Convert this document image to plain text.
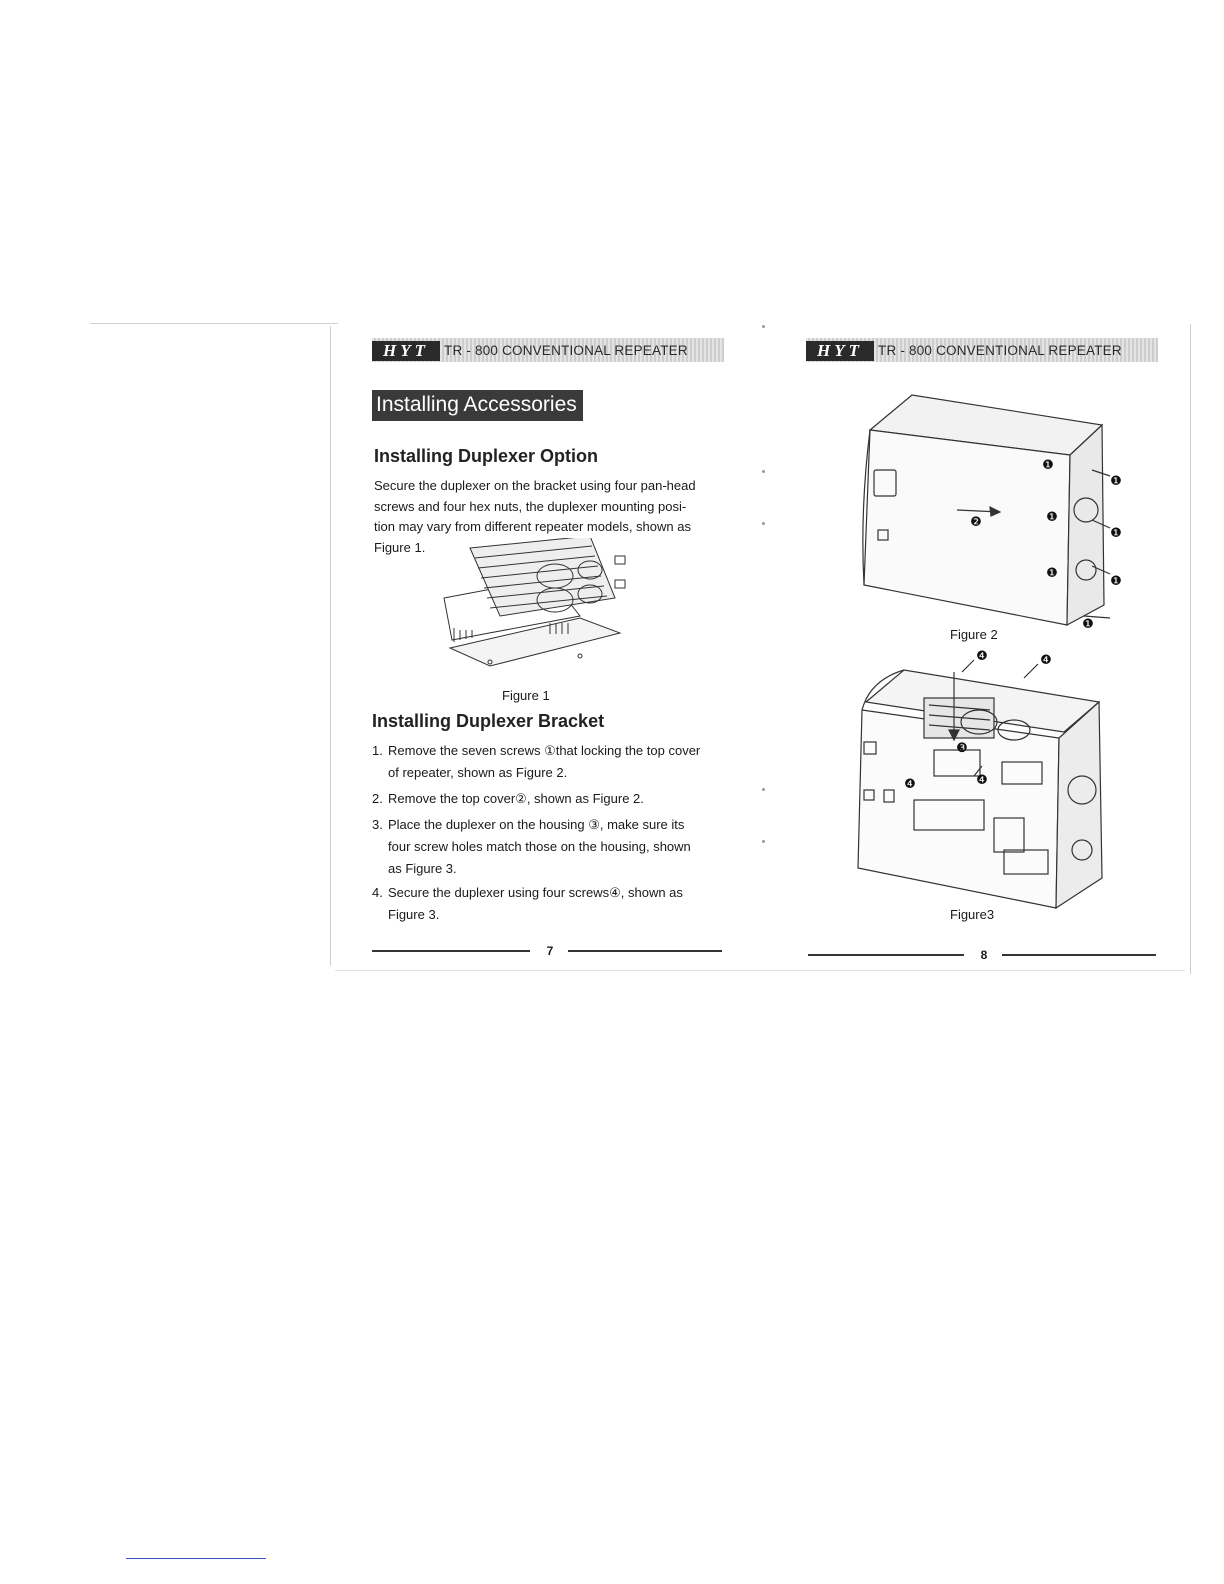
HYT	TR - 800 CONVENTIONAL REPEATER
Installing Accessories
Installing Duplexer Option
Secure the duplexer on the bracket using four pan-head
screws and four hex nuts, the duplexer mounting posi-
tion may vary from different repeater models, shown as
Figure 1.
Figure 1
Installing Duplexer Bracket
1. Remove the seven screws ①that locking the top cover
of repeater, shown as Figure 2.
2. Remove the top cover②, shown as Figure 2.
3. Place the duplexer on the housing ③, make sure its
four screw holes match those on the housing, shown
as Figure 3.
4. Secure the duplexer using four screws④, shown as
Figure 3.
7
HYT	TR - 800 CONVENTIONAL REPEATER
❶
❶
❶
❶
❶
❶
❶
❷
Figure 2
❹	❹
❸
❹	❹
Figure3
8
